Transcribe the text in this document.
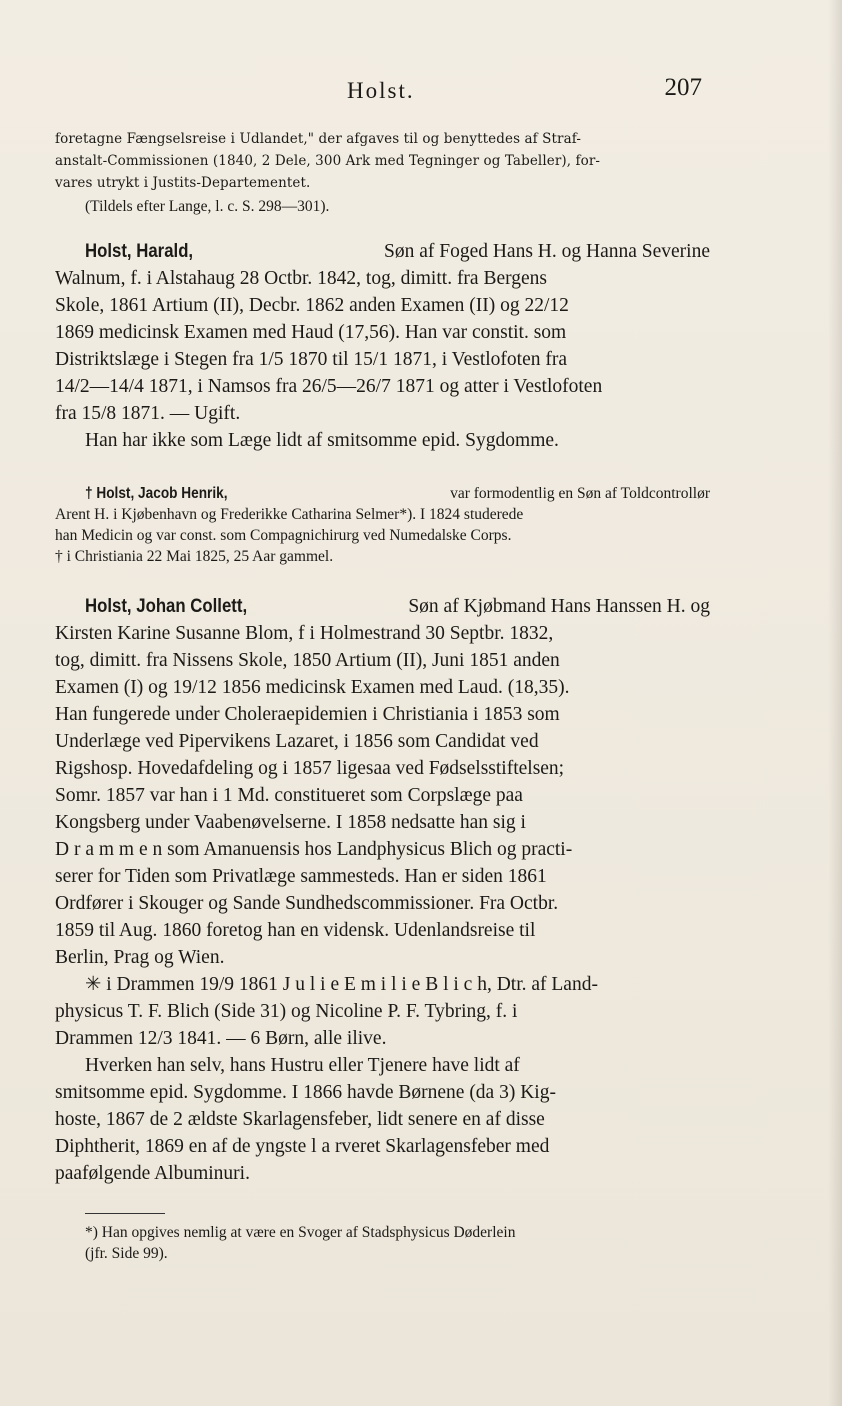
Holst.	207
foretagne Fængselsreise i Udlandet," der afgaves til og benyttedes af Straf-
anstalt-Commissionen (1840, 2 Dele, 300 Ark med Tegninger og Tabeller), for-
vares utrykt i Justits-Departementet.
(Tildels efter Lange, l. c. S. 298—301).
Holst, Harald,	Søn af Foged Hans H. og Hanna Severine
Walnum, f. i Alstahaug 28 Octbr. 1842, tog, dimitt. fra Bergens
Skole, 1861 Artium (II), Decbr. 1862 anden Examen (II) og 22/12
1869 medicinsk Examen med Haud (17,56). Han var constit. som
Distriktslæge i Stegen fra 1/5 1870 til 15/1 1871, i Vestlofoten fra
14/2—14/4 1871, i Namsos fra 26/5—26/7 1871 og atter i Vestlofoten
fra 15/8 1871. — Ugift.
Han har ikke som Læge lidt af smitsomme epid. Sygdomme.
† Holst, Jacob Henrik,	var formodentlig en Søn af Toldcontrollør
Arent H. i Kjøbenhavn og Frederikke Catharina Selmer*). I 1824 studerede
han Medicin og var const. som Compagnichirurg ved Numedalske Corps.
† i Christiania 22 Mai 1825, 25 Aar gammel.
Holst, Johan Collett,	Søn af Kjøbmand Hans Hanssen H. og
Kirsten Karine Susanne Blom, f i Holmestrand 30 Septbr. 1832,
tog, dimitt. fra Nissens Skole, 1850 Artium (II), Juni 1851 anden
Examen (I) og 19/12 1856 medicinsk Examen med Laud. (18,35).
Han fungerede under Choleraepidemien i Christiania i 1853 som
Underlæge ved Pipervikens Lazaret, i 1856 som Candidat ved
Rigshosp. Hovedafdeling og i 1857 ligesaa ved Fødselsstiftelsen;
Somr. 1857 var han i 1 Md. constitueret som Corpslæge paa
Kongsberg under Vaabenøvelserne. I 1858 nedsatte han sig i
D r a m m e n som Amanuensis hos Landphysicus Blich og practi-
serer for Tiden som Privatlæge sammesteds. Han er siden 1861
Ordfører i Skouger og Sande Sundhedscommissioner. Fra Octbr.
1859 til Aug. 1860 foretog han en vidensk. Udenlandsreise til
Berlin, Prag og Wien.
✳ i Drammen 19/9 1861 J u l i e E m i l i e B l i c h, Dtr. af Land-
physicus T. F. Blich (Side 31) og Nicoline P. F. Tybring, f. i
Drammen 12/3 1841. — 6 Børn, alle ilive.
Hverken han selv, hans Hustru eller Tjenere have lidt af
smitsomme epid. Sygdomme. I 1866 havde Børnene (da 3) Kig-
hoste, 1867 de 2 ældste Skarlagensfeber, lidt senere en af disse
Diphtherit, 1869 en af de yngste l a rveret Skarlagensfeber med
paafølgende Albuminuri.
*) Han opgives nemlig at være en Svoger af Stadsphysicus Døderlein
(jfr. Side 99).
